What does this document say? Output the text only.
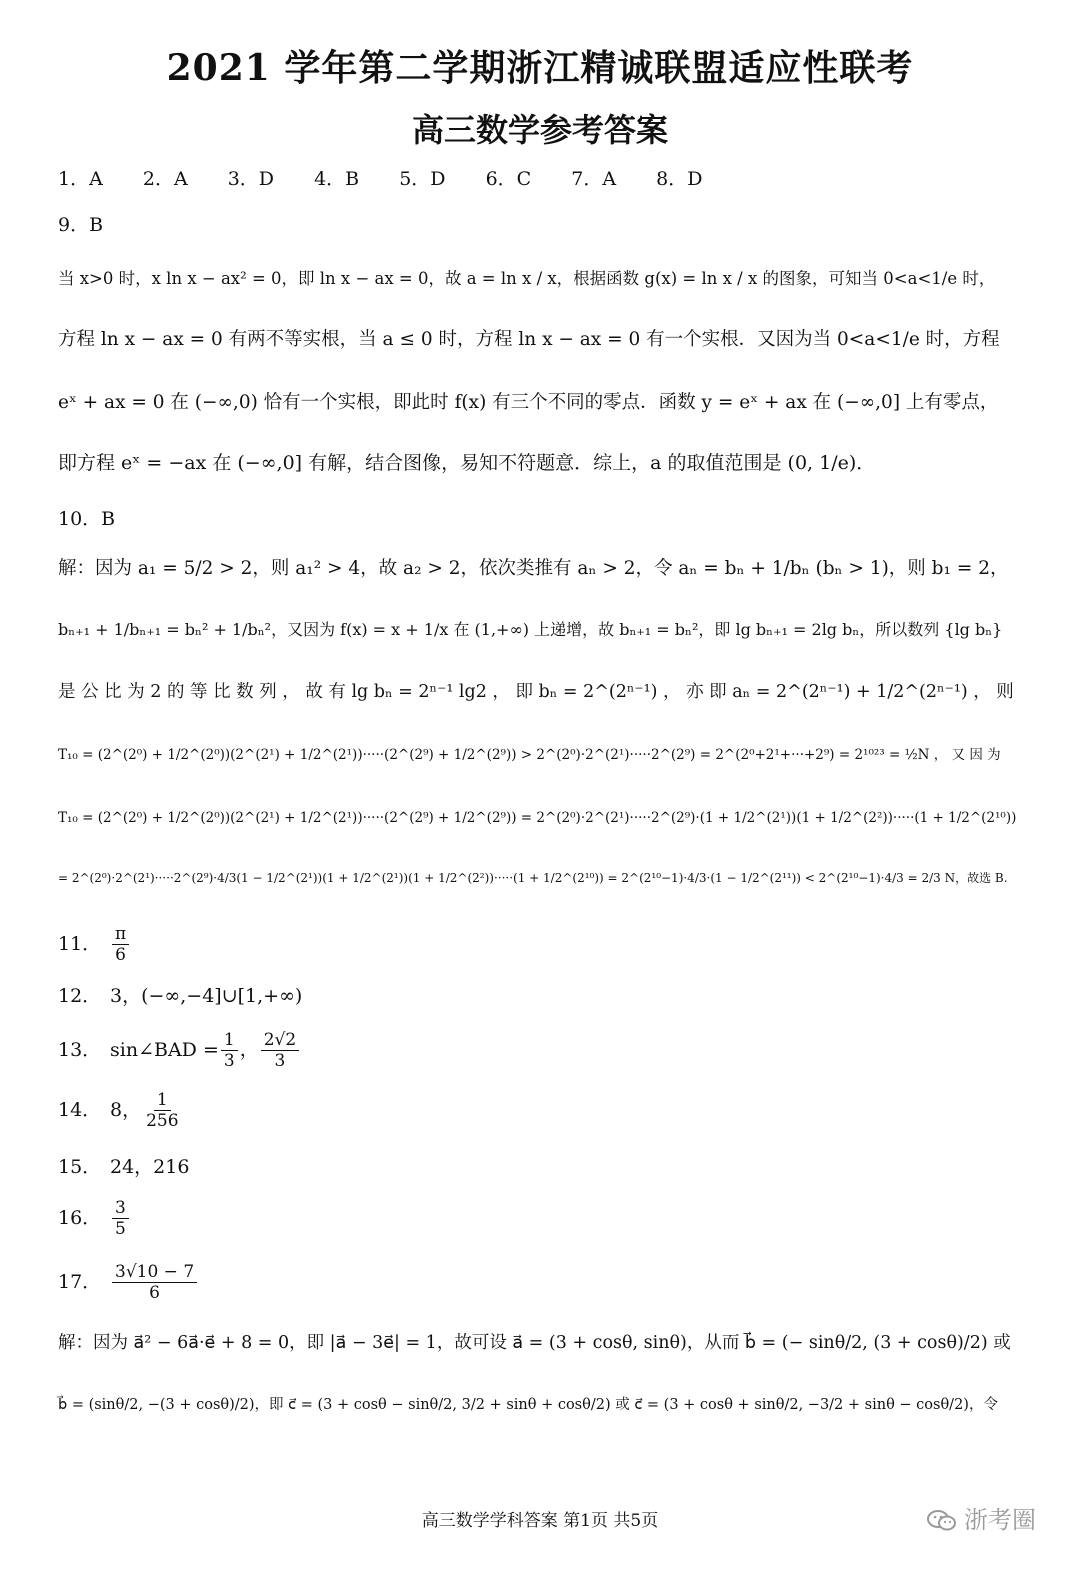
2021 学年第二学期浙江精诚联盟适应性联考
高三数学参考答案
1．A 2．A 3．D 4．B 5．D 6．C 7．A 8．D
9．B
当 x>0 时，x ln x − ax² = 0，即 ln x − ax = 0，故 a = ln x / x，根据函数 g(x) = ln x / x 的图象，可知当 0<a<1/e 时，
方程 ln x − ax = 0 有两不等实根，当 a ≤ 0 时，方程 ln x − ax = 0 有一个实根．又因为当 0<a<1/e 时，方程
eˣ + ax = 0 在 (−∞,0) 恰有一个实根，即此时 f(x) 有三个不同的零点．函数 y = eˣ + ax 在 (−∞,0] 上有零点，
即方程 eˣ = −ax 在 (−∞,0] 有解，结合图像，易知不符题意．综上，a 的取值范围是 (0, 1/e)．
10．B
解：因为 a₁ = 5/2 > 2，则 a₁² > 4，故 a₂ > 2，依次类推有 aₙ > 2，令 aₙ = bₙ + 1/bₙ (bₙ > 1)，则 b₁ = 2，
bₙ₊₁ + 1/bₙ₊₁ = bₙ² + 1/bₙ²，又因为 f(x) = x + 1/x 在 (1,+∞) 上递增，故 bₙ₊₁ = bₙ²，即 lg bₙ₊₁ = 2lg bₙ，所以数列 {lg bₙ}
是 公 比 为 2 的 等 比 数 列 ， 故 有 lg bₙ = 2ⁿ⁻¹ lg2 ， 即 bₙ = 2^(2ⁿ⁻¹) ， 亦 即 aₙ = 2^(2ⁿ⁻¹) + 1/2^(2ⁿ⁻¹) ， 则
T₁₀ = (2^(2⁰) + 1/2^(2⁰))(2^(2¹) + 1/2^(2¹))·····(2^(2⁹) + 1/2^(2⁹)) > 2^(2⁰)·2^(2¹)·····2^(2⁹) = 2^(2⁰+2¹+···+2⁹) = 2¹⁰²³ = ½N ， 又 因 为
T₁₀ = (2^(2⁰) + 1/2^(2⁰))(2^(2¹) + 1/2^(2¹))·····(2^(2⁹) + 1/2^(2⁹)) = 2^(2⁰)·2^(2¹)·····2^(2⁹)·(1 + 1/2^(2¹))(1 + 1/2^(2²))·····(1 + 1/2^(2¹⁰))
= 2^(2⁰)·2^(2¹)·····2^(2⁹)·4/3(1 − 1/2^(2¹))(1 + 1/2^(2¹))(1 + 1/2^(2²))·····(1 + 1/2^(2¹⁰)) = 2^(2¹⁰−1)·4/3·(1 − 1/2^(2¹¹)) < 2^(2¹⁰−1)·4/3 = 2/3 N，故选 B.
11． $\frac{\pi}{6}$
12． 3，(−∞,−4]∪[1,+∞)
13． sin∠BAD = $\frac{1}{3}$ ， $\frac{2√2}{3}$
14． 8， $\frac{1}{256}$
15． 24，216
16． $\frac{3}{5}$
17． $\frac{3√10 - 7}{6}$
解：因为 a⃗² − 6a⃗·e⃗ + 8 = 0，即 |a⃗ − 3e⃗| = 1，故可设 a⃗ = (3 + cosθ, sinθ)，从而 b⃗ = (− sinθ/2, (3 + cosθ)/2) 或
b⃗ = (sinθ/2, −(3 + cosθ)/2)，即 c⃗ = (3 + cosθ − sinθ/2, 3/2 + sinθ + cosθ/2) 或 c⃗ = (3 + cosθ + sinθ/2, −3/2 + sinθ − cosθ/2)，令
高三数学学科答案 第1页 共5页	浙考圈
